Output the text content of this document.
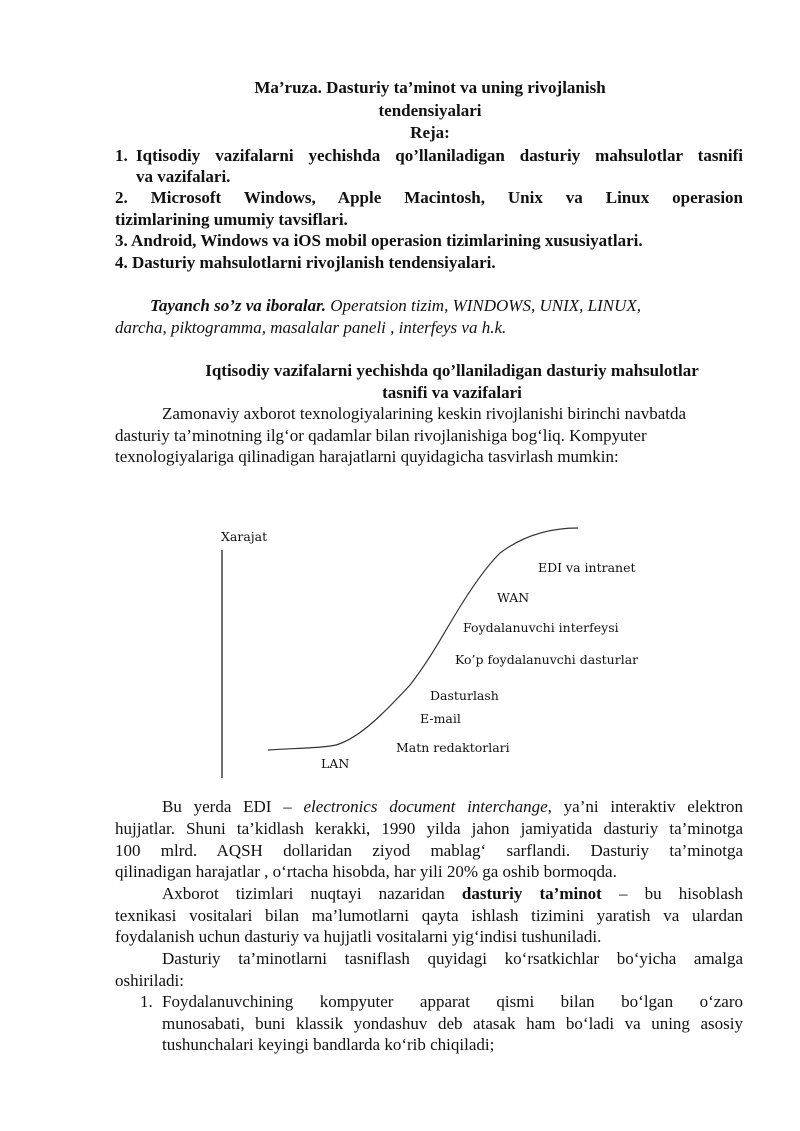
Ma’ruza. Dasturiy ta’minot va uning rivojlanish

tendensiyalari

Reja:

1. Iqtisodiy vazifalarni yechishda qo’llaniladigan dasturiy mahsulotlar tasnifi

va vazifalari.

2. Microsoft Windows, Apple Macintosh, Unix va Linux operasion

tizimlarining umumiy tavsiflari.

3. Android, Windows va iOS mobil operasion tizimlarining xususiyatlari.

4. Dasturiy mahsulotlarni rivojlanish tendensiyalari.

Tayanch so’z va iboralar. Operatsion tizim, WINDOWS, UNIX, LINUX,

darcha, piktogramma, masalalar paneli , interfeys va h.k.

Iqtisodiy vazifalarni yechishda qo’llaniladigan dasturiy mahsulotlar

tasnifi va vazifalari

Zamonaviy axborot texnologiyalarining keskin rivojlanishi birinchi navbatda

dasturiy ta’minotning ilg‘or qadamlar bilan rivojlanishiga bog‘liq. Kompyuter

texnologiyalariga qilinadigan harajatlarni quyidagicha tasvirlash mumkin:

Xarajat
EDI va intranet
WAN
Foydalanuvchi interfeysi
Ko’p foydalanuvchi dasturlar
Dasturlash
E-mail
Matn redaktorlari
LAN

Bu yerda EDI – electronics document interchange, ya’ni interaktiv elektron

hujjatlar. Shuni ta’kidlash kerakki, 1990 yilda jahon jamiyatida dasturiy ta’minotga

100 mlrd. AQSH dollaridan ziyod mablag‘ sarflandi. Dasturiy ta’minotga

qilinadigan harajatlar , o‘rtacha hisobda, har yili 20% ga oshib bormoqda.

Axborot tizimlari nuqtayi nazaridan dasturiy ta’minot – bu hisoblash

texnikasi vositalari bilan ma’lumotlarni qayta ishlash tizimini yaratish va ulardan

foydalanish uchun dasturiy va hujjatli vositalarni yig‘indisi tushuniladi.

Dasturiy ta’minotlarni tasniflash quyidagi ko‘rsatkichlar bo‘yicha amalga

oshiriladi:

1. Foydalanuvchining kompyuter apparat qismi bilan bo‘lgan o‘zaro

munosabati, buni klassik yondashuv deb atasak ham bo‘ladi va uning asosiy

tushunchalari keyingi bandlarda ko‘rib chiqiladi;
